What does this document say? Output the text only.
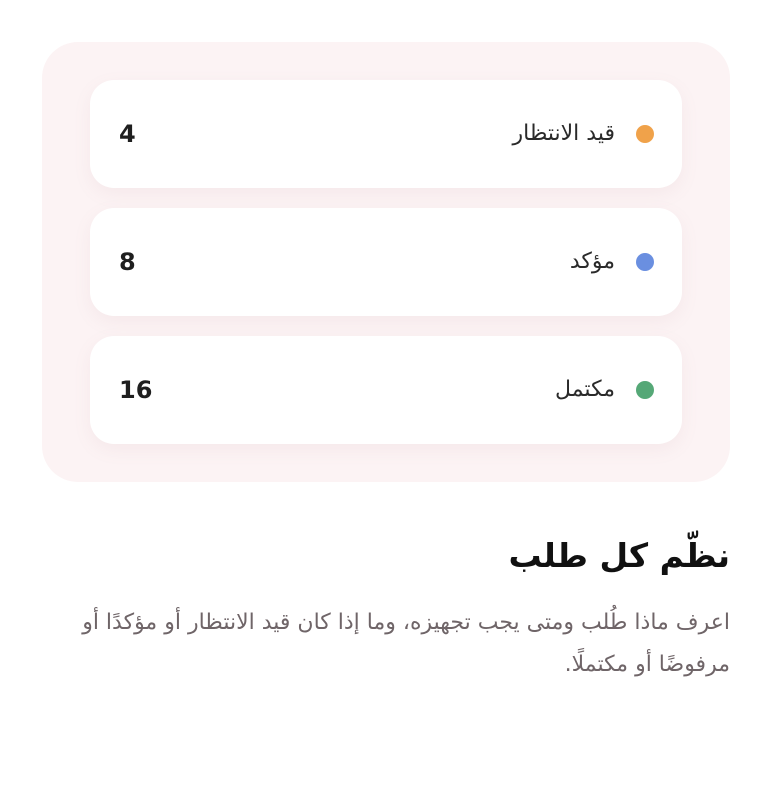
4	قيد الانتظار
8	مؤكد
16	مكتمل
نظّم كل طلب

اعرف ماذا طُلب ومتى يجب تجهيزه، وما إذا كان قيد الانتظار أو مؤكدًا أو مرفوضًا أو مكتملًا.
